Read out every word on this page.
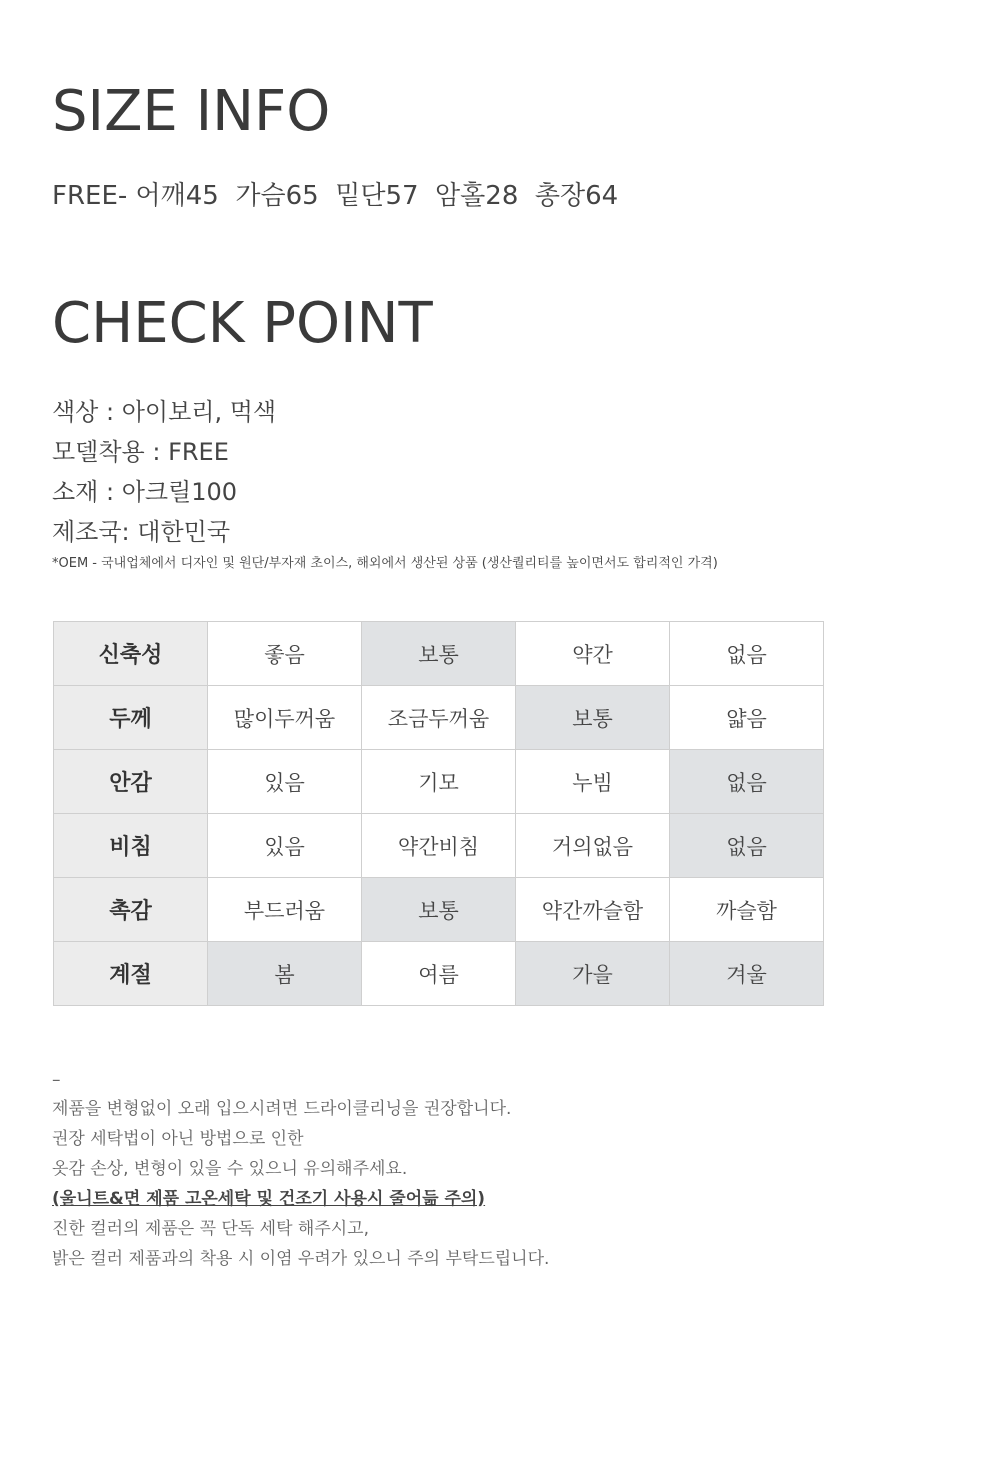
SIZE INFO
FREE- 어깨45  가슴65  밑단57  암홀28  총장64
CHECK POINT
색상 : 아이보리, 먹색
모델착용 : FREE
소재 : 아크릴100
제조국: 대한민국
*OEM - 국내업체에서 디자인 및 원단/부자재 초이스, 해외에서 생산된 상품 (생산퀄리티를 높이면서도 합리적인 가격)
신축성	좋음	보통	약간	없음
두께	많이두꺼움	조금두꺼움	보통	얇음
안감	있음	기모	누빔	없음
비침	있음	약간비침	거의없음	없음
촉감	부드러움	보통	약간까슬함	까슬함
계절	봄	여름	가을	겨울
–
제품을 변형없이 오래 입으시려면 드라이클리닝을 권장합니다.
권장 세탁법이 아닌 방법으로 인한
옷감 손상, 변형이 있을 수 있으니 유의해주세요.
(울니트&면 제품 고온세탁 및 건조기 사용시 줄어듦 주의)
진한 컬러의 제품은 꼭 단독 세탁 해주시고,
밝은 컬러 제품과의 착용 시 이염 우려가 있으니 주의 부탁드립니다.
